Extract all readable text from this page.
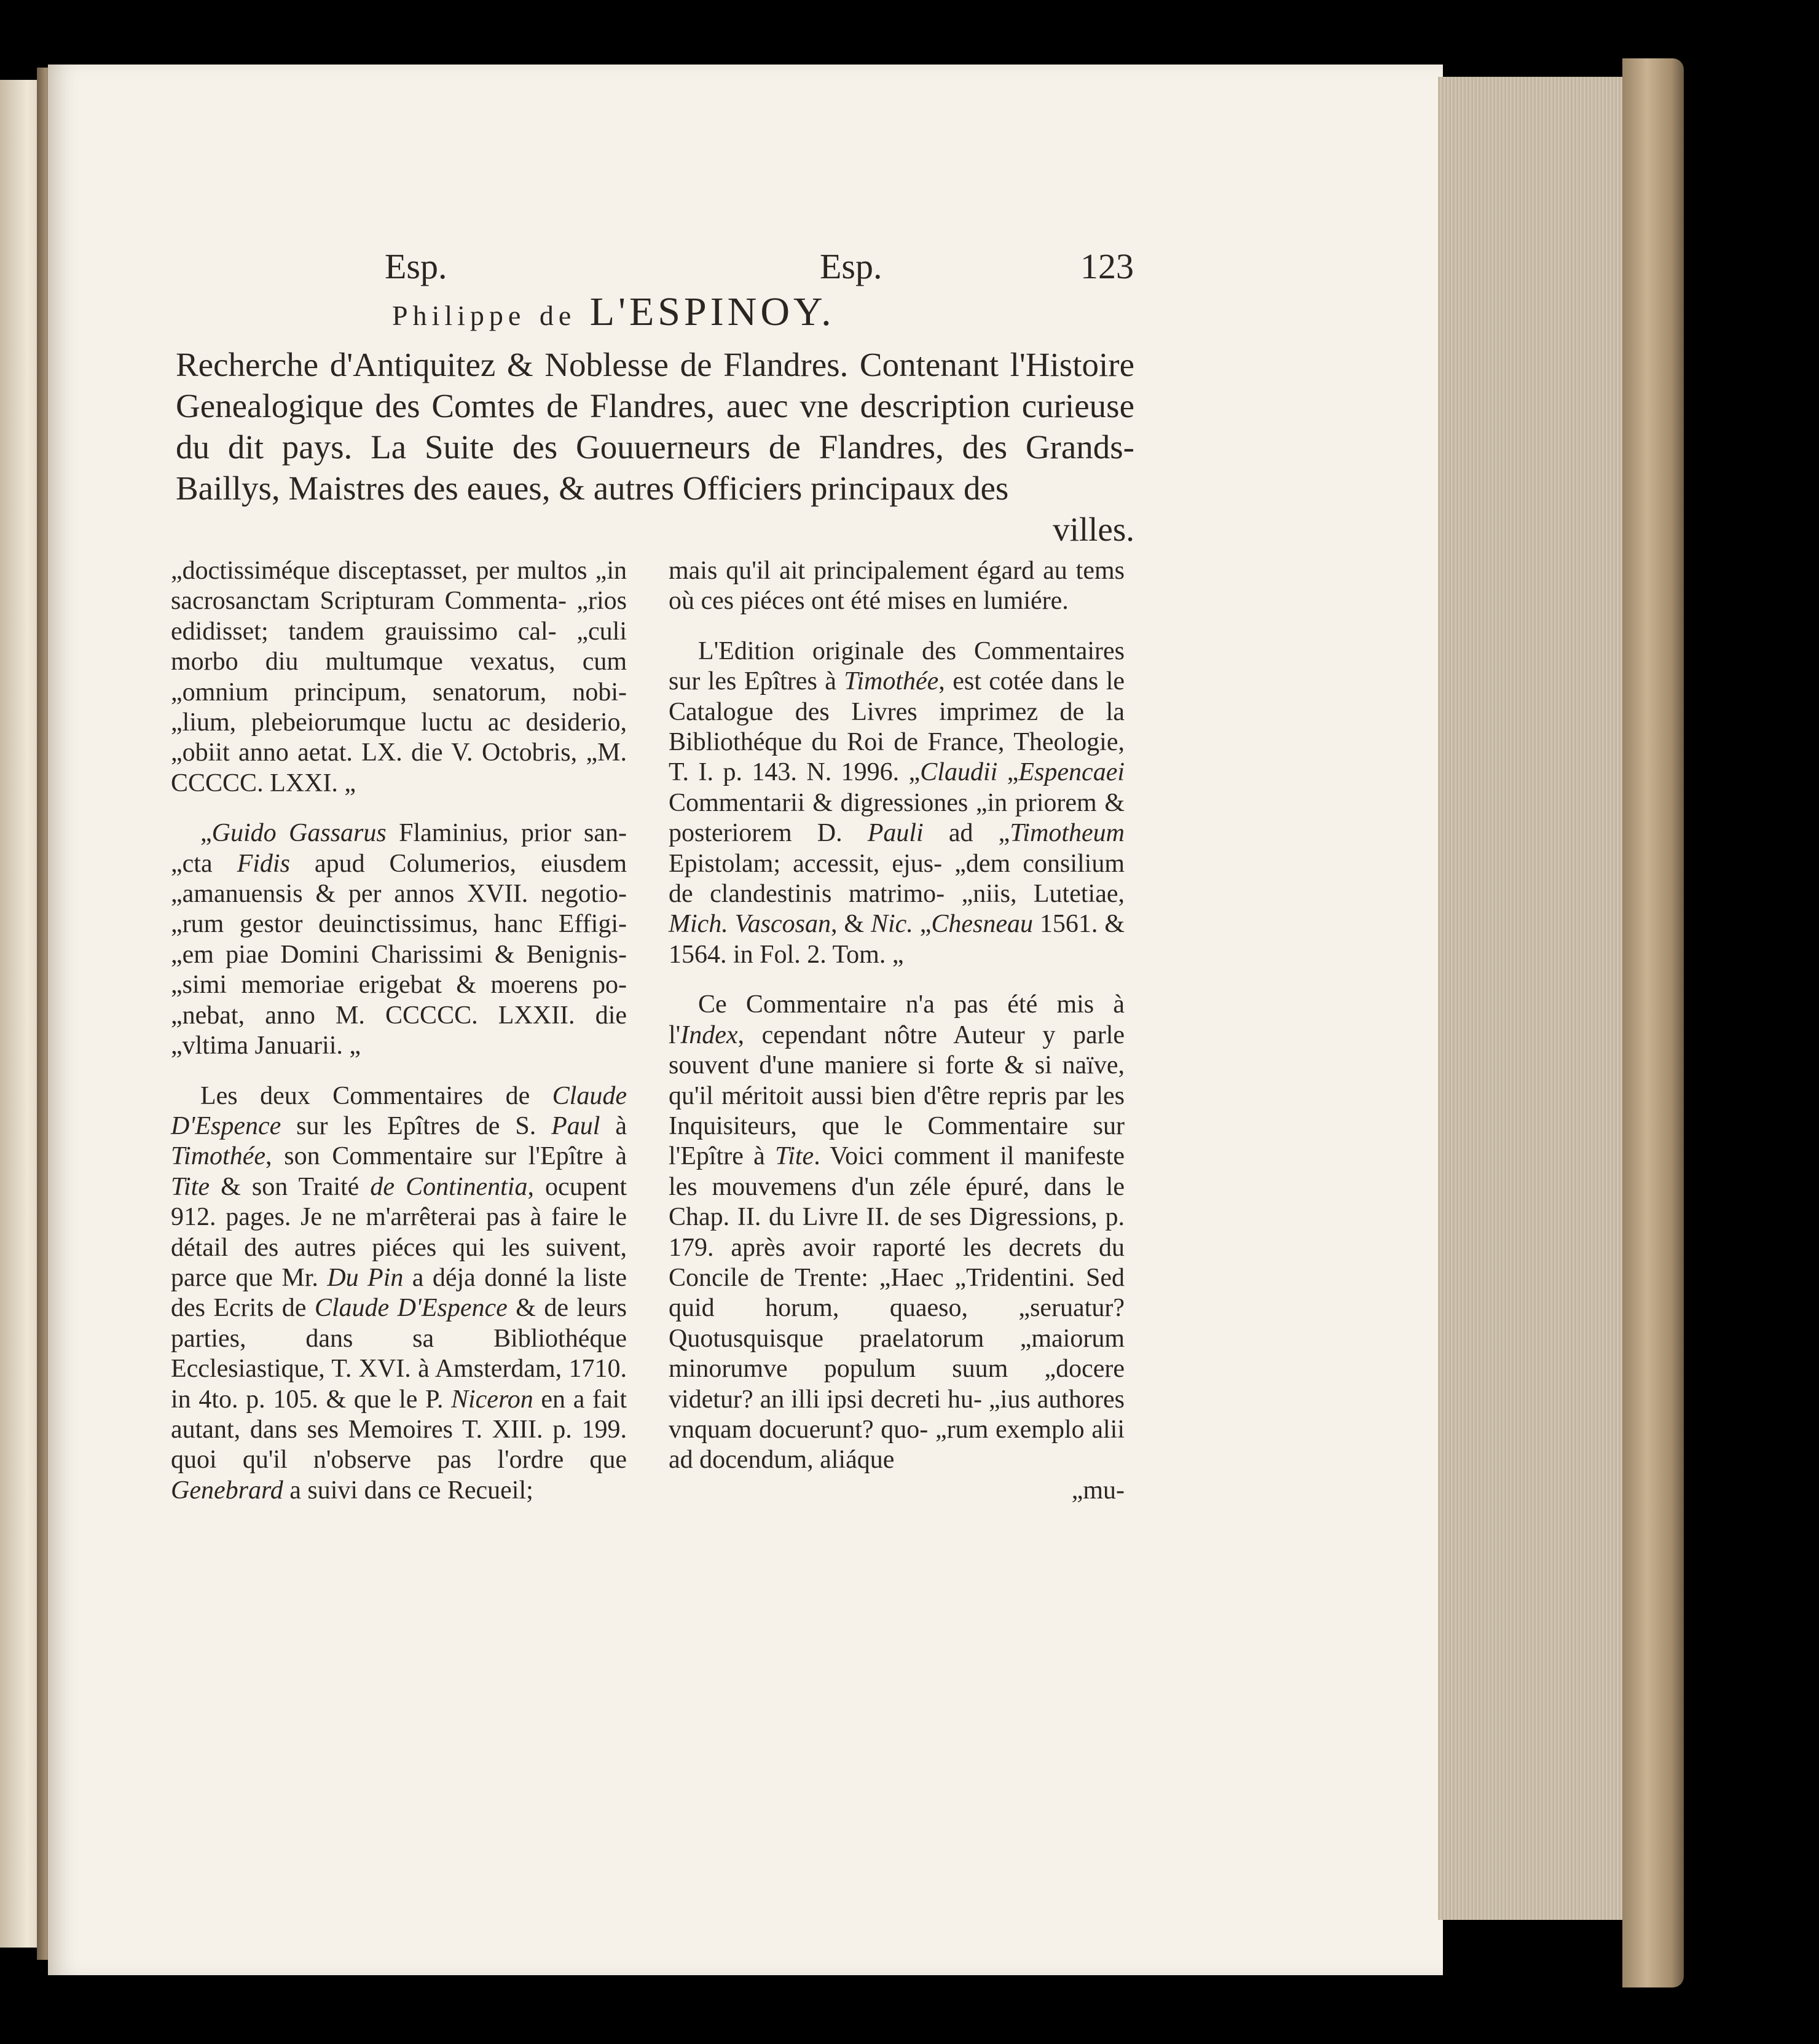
Esp.	Esp.	123
Philippe de L'ESPINOY.
Recherche d'Antiquitez & Noblesse de Flandres. Contenant l'Histoire Genealogique des Comtes de Flandres, auec vne description curieuse du dit pays. La Suite des Gouuerneurs de Flandres, des Grands-Baillys, Maistres des eaues, & autres Officiers principaux des
villes.

„doctissiméque disceptasset, per multos „in sacrosanctam Scripturam Commenta- „rios edidisset; tandem grauissimo cal- „culi morbo diu multumque vexatus, cum „omnium principum, senatorum, nobi- „lium, plebeiorumque luctu ac desiderio, „obiit anno aetat. LX. die V. Octobris, „M. CCCCC. LXXI. „

„Guido Gassarus Flaminius, prior san- „cta Fidis apud Columerios, eiusdem „amanuensis & per annos XVII. negotio- „rum gestor deuinctissimus, hanc Effigi- „em piae Domini Charissimi & Benignis- „simi memoriae erigebat & moerens po- „nebat, anno M. CCCCC. LXXII. die „vltima Januarii. „

Les deux Commentaires de Claude D'Espence sur les Epîtres de S. Paul à Timothée, son Commentaire sur l'Epître à Tite & son Traité de Continentia, ocupent 912. pages. Je ne m'arrêterai pas à faire le détail des autres piéces qui les suivent, parce que Mr. Du Pin a déja donné la liste des Ecrits de Claude D'Espence & de leurs parties, dans sa Bibliothéque Ecclesiastique, T. XVI. à Amsterdam, 1710. in 4to. p. 105. & que le P. Niceron en a fait autant, dans ses Memoires T. XIII. p. 199. quoi qu'il n'observe pas l'ordre que Genebrard a suivi dans ce Recueil;

mais qu'il ait principalement égard au tems où ces piéces ont été mises en lumiére.

L'Edition originale des Commentaires sur les Epîtres à Timothée, est cotée dans le Catalogue des Livres imprimez de la Bibliothéque du Roi de France, Theologie, T. I. p. 143. N. 1996. „Claudii „Espencaei Commentarii & digressiones „in priorem & posteriorem D. Pauli ad „Timotheum Epistolam; accessit, ejus- „dem consilium de clandestinis matrimo- „niis, Lutetiae, Mich. Vascosan, & Nic. „Chesneau 1561. & 1564. in Fol. 2. Tom. „

Ce Commentaire n'a pas été mis à l'Index, cependant nôtre Auteur y parle souvent d'une maniere si forte & si naïve, qu'il méritoit aussi bien d'être repris par les Inquisiteurs, que le Commentaire sur l'Epître à Tite. Voici comment il manifeste les mouvemens d'un zéle épuré, dans le Chap. II. du Livre II. de ses Digressions, p. 179. après avoir raporté les decrets du Concile de Trente: „Haec „Tridentini. Sed quid horum, quaeso, „seruatur? Quotusquisque praelatorum „maiorum minorumve populum suum „docere videtur? an illi ipsi decreti hu- „ius authores vnquam docuerunt? quo- „rum exemplo alii ad docendum, aliáque

„mu-
